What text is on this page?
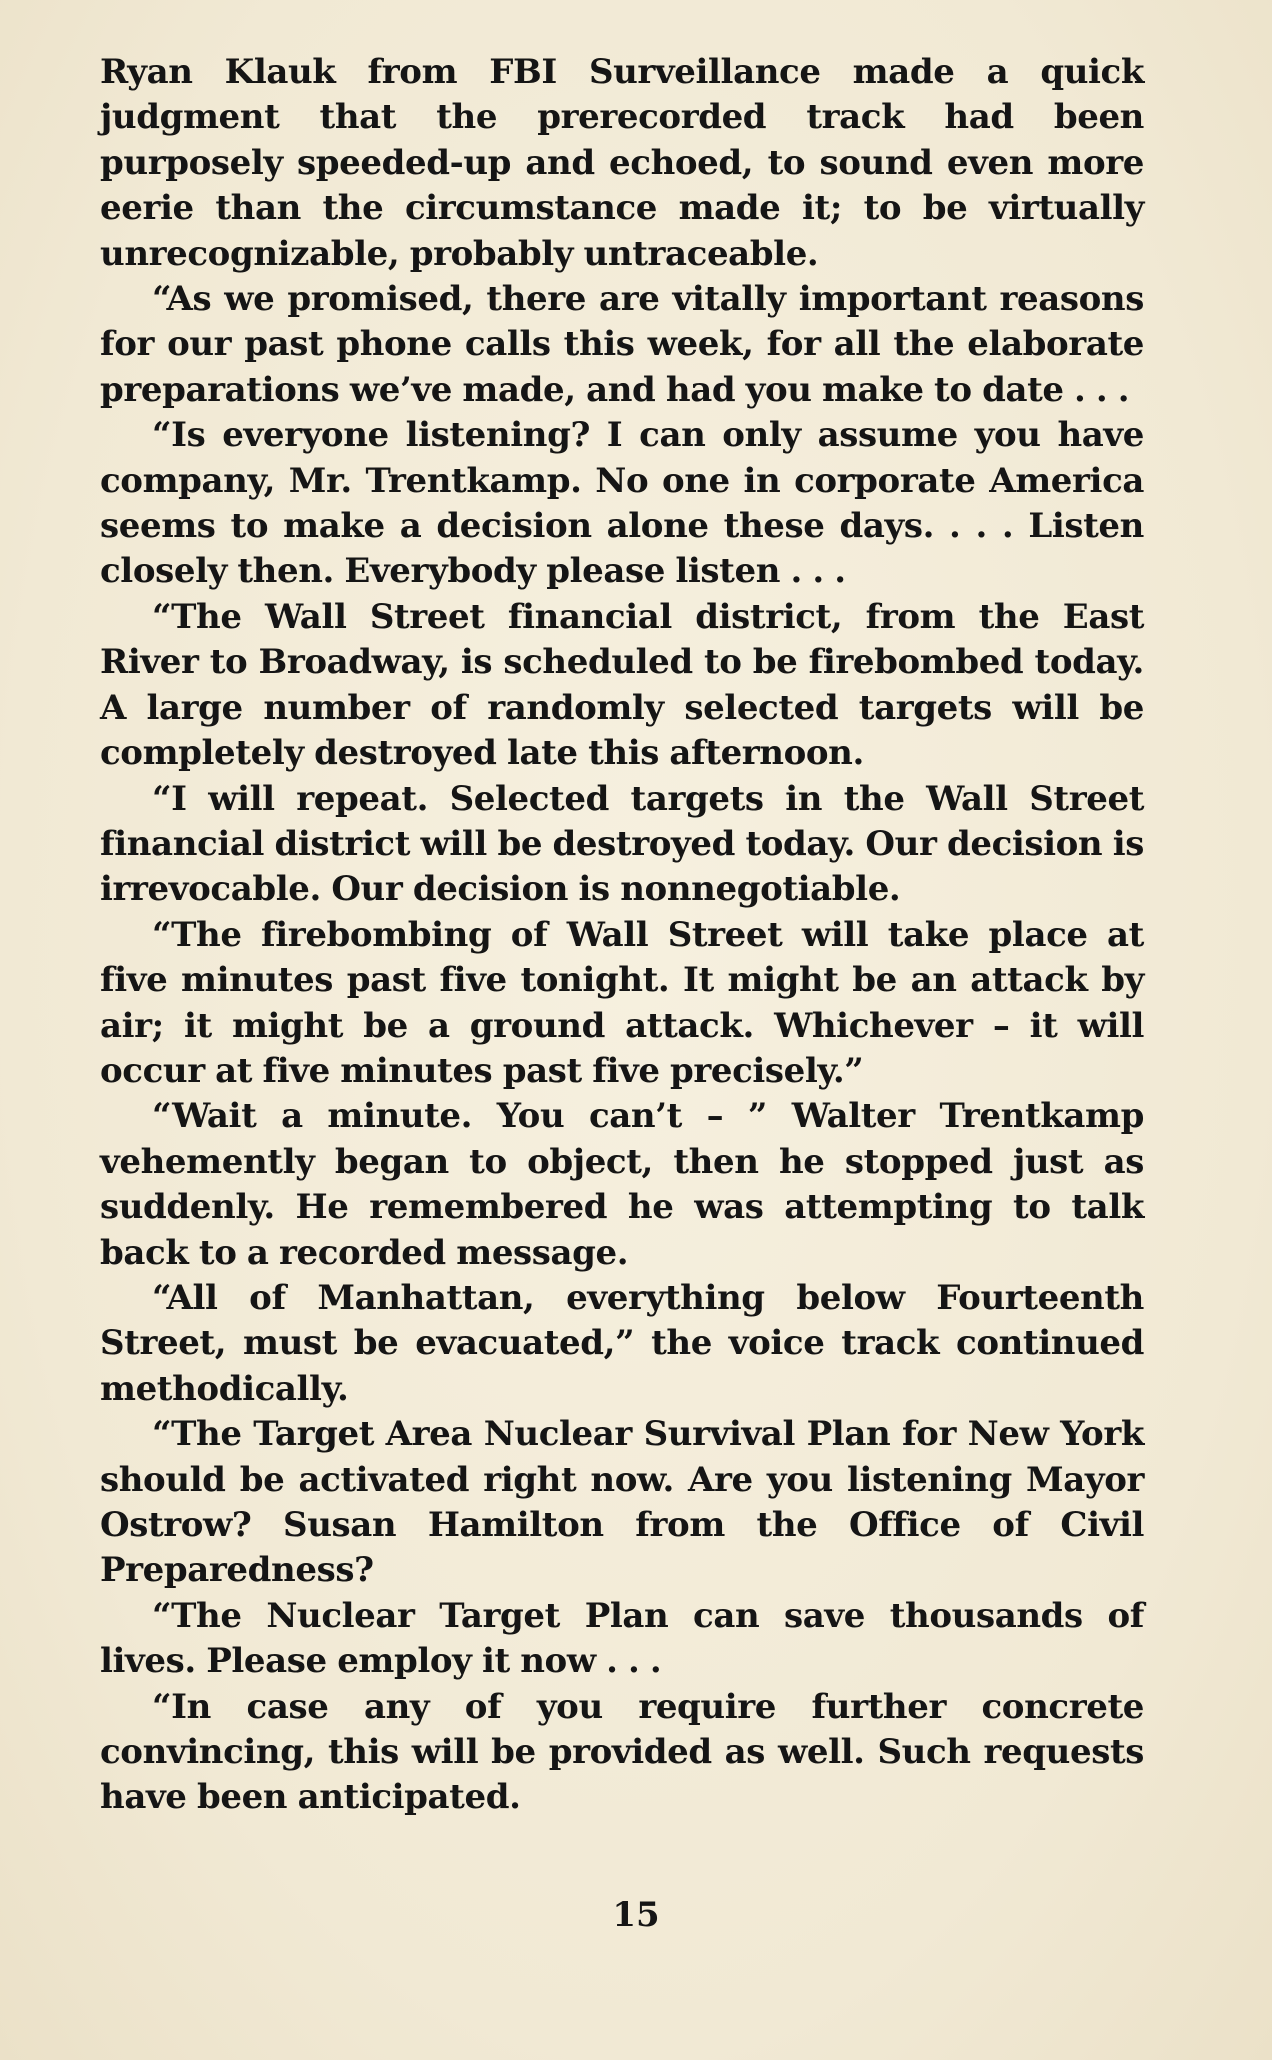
Ryan Klauk from FBI Surveillance made a quick judgment that the prerecorded track had been purposely speeded-up and echoed, to sound even more eerie than the circumstance made it; to be virtually unrecognizable, probably untraceable.

“As we promised, there are vitally important reasons for our past phone calls this week, for all the elaborate preparations we’ve made, and had you make to date . . .

“Is everyone listening? I can only assume you have company, Mr. Trentkamp. No one in corporate America seems to make a decision alone these days. . . . Listen closely then. Everybody please listen . . .

“The Wall Street financial district, from the East River to Broadway, is scheduled to be firebombed today. A large number of randomly selected targets will be completely destroyed late this afternoon.

“I will repeat. Selected targets in the Wall Street financial district will be destroyed today. Our decision is irrevocable. Our decision is nonnegotiable.

“The firebombing of Wall Street will take place at five minutes past five tonight. It might be an attack by air; it might be a ground attack. Whichever – it will occur at five minutes past five precisely.”

“Wait a minute. You can’t – ” Walter Trentkamp vehemently began to object, then he stopped just as suddenly. He remembered he was attempting to talk back to a recorded message.

“All of Manhattan, everything below Fourteenth Street, must be evacuated,” the voice track continued methodically.

“The Target Area Nuclear Survival Plan for New York should be activated right now. Are you listening Mayor Ostrow? Susan Hamilton from the Office of Civil Preparedness?

“The Nuclear Target Plan can save thousands of lives. Please employ it now . . .

“In case any of you require further concrete convincing, this will be provided as well. Such requests have been anticipated.

15
